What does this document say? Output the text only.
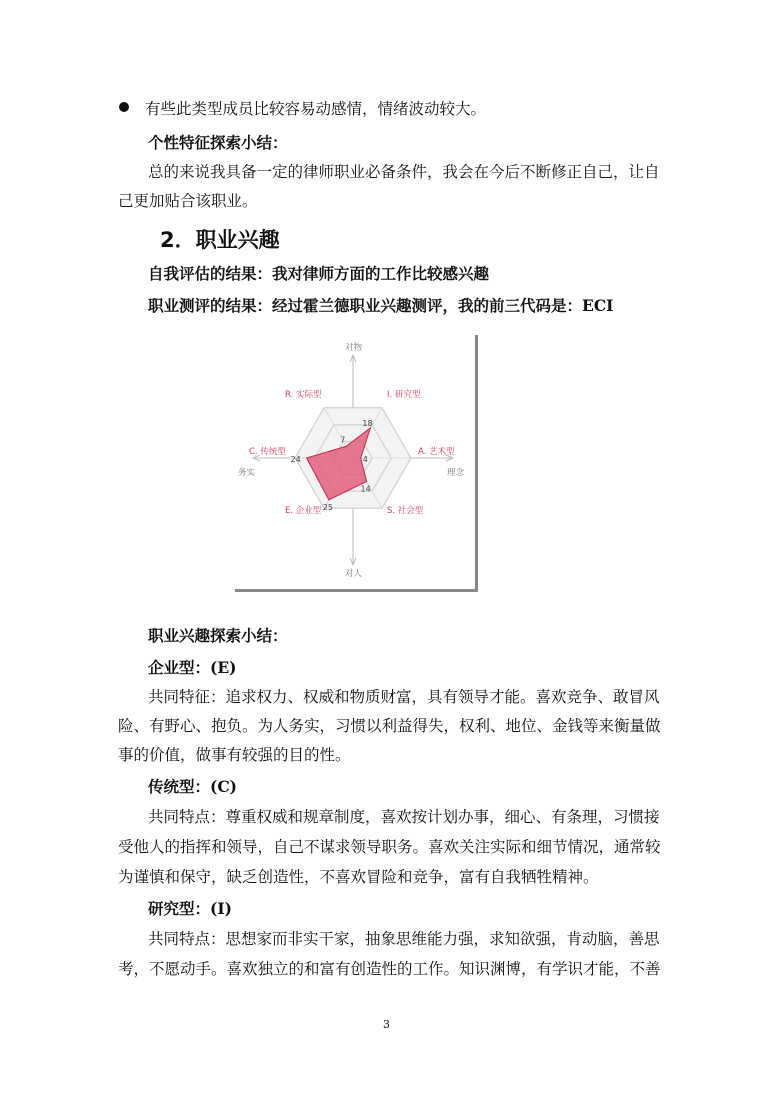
有些此类型成员比较容易动感情，情绪波动较大。
个性特征探索小结：
总的来说我具备一定的律师职业必备条件，我会在今后不断修正自己，让自
己更加贴合该职业。
2．职业兴趣
自我评估的结果：我对律师方面的工作比较感兴趣
职业测评的结果：经过霍兰德职业兴趣测评，我的前三代码是：ECI
18
4
14
25
24
7
I. 研究型
A. 艺术型
S. 社会型
E. 企业型
C. 传统型
R. 实际型
对物
对人
务实	理念
职业兴趣探索小结：
企业型：(E)
共同特征：追求权力、权威和物质财富，具有领导才能。喜欢竞争、敢冒风
险、有野心、抱负。为人务实，习惯以利益得失，权利、地位、金钱等来衡量做
事的价值，做事有较强的目的性。
传统型：(C)
共同特点：尊重权威和规章制度，喜欢按计划办事，细心、有条理，习惯接
受他人的指挥和领导，自己不谋求领导职务。喜欢关注实际和细节情况，通常较
为谨慎和保守，缺乏创造性，不喜欢冒险和竞争，富有自我牺牲精神。
研究型：(I)
共同特点：思想家而非实干家，抽象思维能力强，求知欲强，肯动脑，善思
考，不愿动手。喜欢独立的和富有创造性的工作。知识渊博，有学识才能，不善
3
